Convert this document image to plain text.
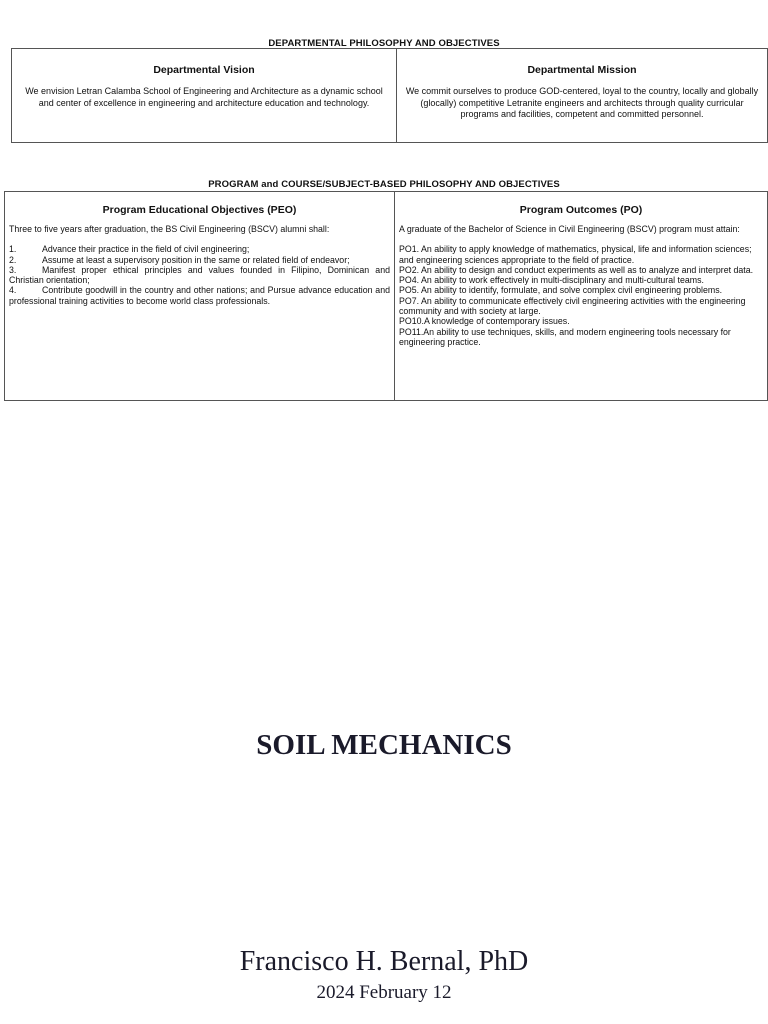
DEPARTMENTAL PHILOSOPHY AND OBJECTIVES
Departmental Vision
We envision Letran Calamba School of Engineering and Architecture as a dynamic school and center of excellence in engineering and architecture education and technology.

Departmental Mission
We commit ourselves to produce GOD-centered, loyal to the country, locally and globally (glocally) competitive Letranite engineers and architects through quality curricular programs and facilities, competent and committed personnel.
PROGRAM and COURSE/SUBJECT-BASED PHILOSOPHY AND OBJECTIVES
Program Educational Objectives (PEO)
Three to five years after graduation, the BS Civil Engineering (BSCV) alumni shall:
1.	Advance their practice in the field of civil engineering;
2.	Assume at least a supervisory position in the same or related field of endeavor;
3.	Manifest proper ethical principles and values founded in Filipino, Dominican and Christian orientation;
4.	Contribute goodwill in the country and other nations; and Pursue advance education and professional training activities to become world class professionals.

Program Outcomes (PO)
A graduate of the Bachelor of Science in Civil Engineering (BSCV) program must attain:
PO1. An ability to apply knowledge of mathematics, physical, life and information sciences; and engineering sciences appropriate to the field of practice.
PO2. An ability to design and conduct experiments as well as to analyze and interpret data.
PO4. An ability to work effectively in multi-disciplinary and multi-cultural teams.
PO5. An ability to identify, formulate, and solve complex civil engineering problems.
PO7. An ability to communicate effectively civil engineering activities with the engineering community and with society at large.
PO10.A knowledge of contemporary issues.
PO11.An ability to use techniques, skills, and modern engineering tools necessary for engineering practice.
SOIL MECHANICS
Francisco H. Bernal, PhD
2024 February 12
